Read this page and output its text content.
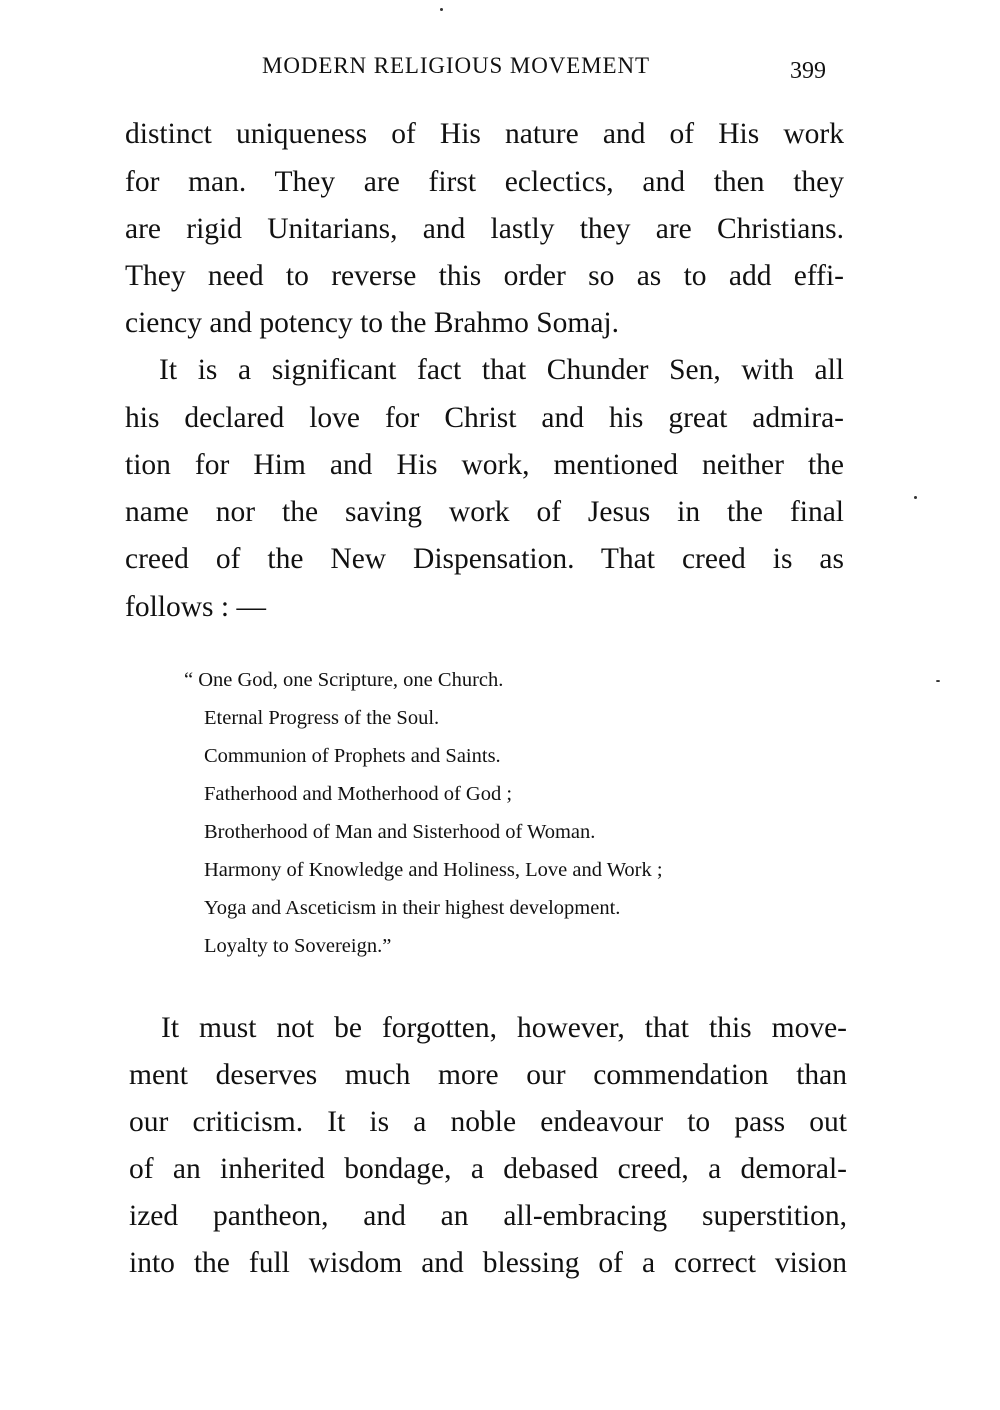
MODERN RELIGIOUS MOVEMENT	399
distinct uniqueness of His nature and of His work
for man. They are first eclectics, and then they
are rigid Unitarians, and lastly they are Christians.
They need to reverse this order so as to add effi-
ciency and potency to the Brahmo Somaj.
It is a significant fact that Chunder Sen, with all
his declared love for Christ and his great admira-
tion for Him and His work, mentioned neither the
name nor the saving work of Jesus in the final
creed of the New Dispensation. That creed is as
follows : —
“ One God, one Scripture, one Church.
Eternal Progress of the Soul.
Communion of Prophets and Saints.
Fatherhood and Motherhood of God ;
Brotherhood of Man and Sisterhood of Woman.
Harmony of Knowledge and Holiness, Love and Work ;
Yoga and Asceticism in their highest development.
Loyalty to Sovereign.”
It must not be forgotten, however, that this move-
ment deserves much more our commendation than
our criticism. It is a noble endeavour to pass out
of an inherited bondage, a debased creed, a demoral-
ized pantheon, and an all-embracing superstition,
into the full wisdom and blessing of a correct vision
